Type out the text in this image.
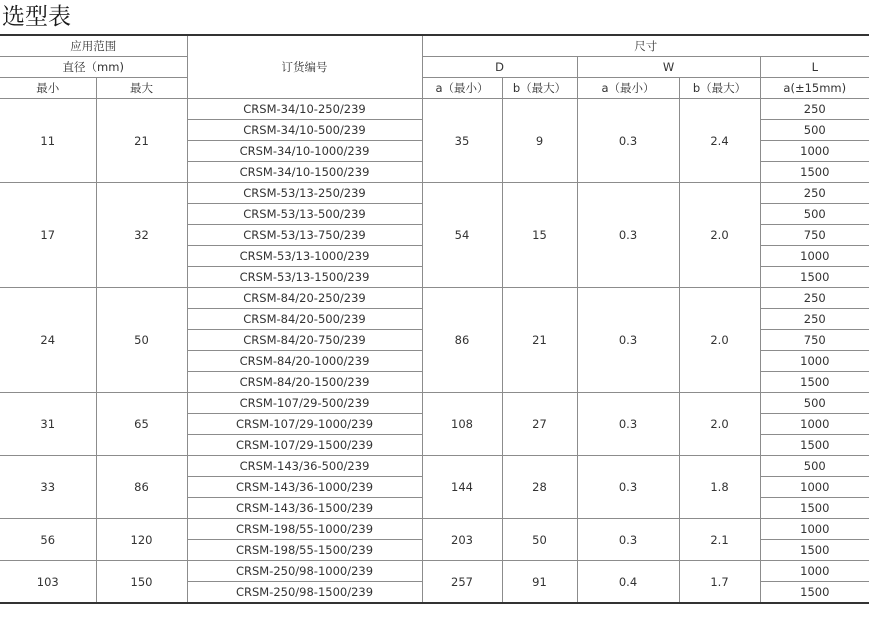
选型表
应用范围		订货编号	尺寸				
直径（mm)			D		W		L
最小	最大		a（最小）	b（最大）	a（最小）	b（最大）	a(±15mm)
11	21	CRSM-34/10-250/239	35	9	0.3	2.4	250
		CRSM-34/10-500/239					500
		CRSM-34/10-1000/239					1000
		CRSM-34/10-1500/239					1500
17	32	CRSM-53/13-250/239	54	15	0.3	2.0	250
		CRSM-53/13-500/239					500
		CRSM-53/13-750/239					750
		CRSM-53/13-1000/239					1000
		CRSM-53/13-1500/239					1500
24	50	CRSM-84/20-250/239	86	21	0.3	2.0	250
		CRSM-84/20-500/239					250
		CRSM-84/20-750/239					750
		CRSM-84/20-1000/239					1000
		CRSM-84/20-1500/239					1500
31	65	CRSM-107/29-500/239	108	27	0.3	2.0	500
		CRSM-107/29-1000/239					1000
		CRSM-107/29-1500/239					1500
33	86	CRSM-143/36-500/239	144	28	0.3	1.8	500
		CRSM-143/36-1000/239					1000
		CRSM-143/36-1500/239					1500
56	120	CRSM-198/55-1000/239	203	50	0.3	2.1	1000
		CRSM-198/55-1500/239					1500
103	150	CRSM-250/98-1000/239	257	91	0.4	1.7	1000
		CRSM-250/98-1500/239					1500
